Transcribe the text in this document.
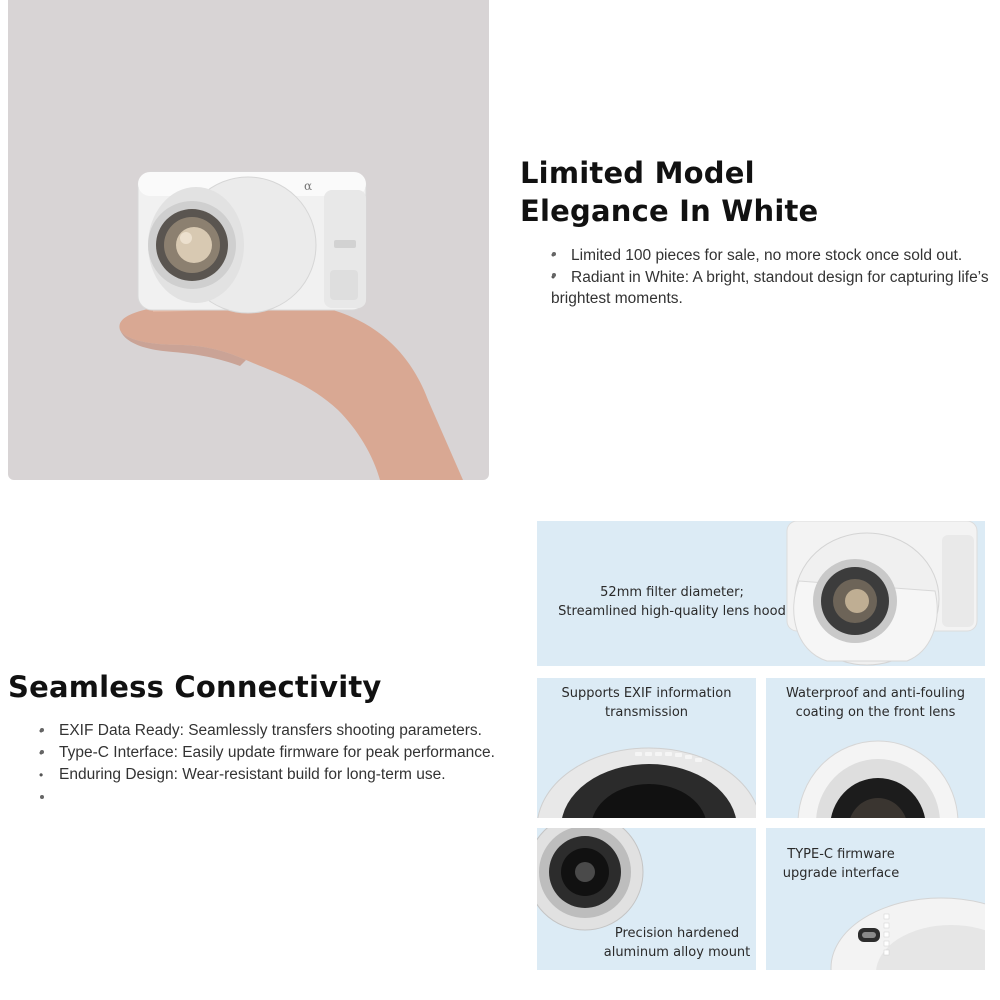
α	Limited Model
Elegance In White
• Limited 100 pieces for sale, no more stock once sold out.
• Radiant in White: A bright, standout design for capturing life’s brightest moments.
Seamless Connectivity
• EXIF Data Ready: Seamlessly transfers shooting parameters.
• Type-C Interface: Easily update firmware for peak performance.
• Enduring Design: Wear-resistant build for long-term use.
52mm filter diameter;
Streamlined high-quality lens hood
Supports EXIF information
transmission
Waterproof and anti-fouling
coating on the front lens
Precision hardened
aluminum alloy mount
TYPE-C firmware
upgrade interface
